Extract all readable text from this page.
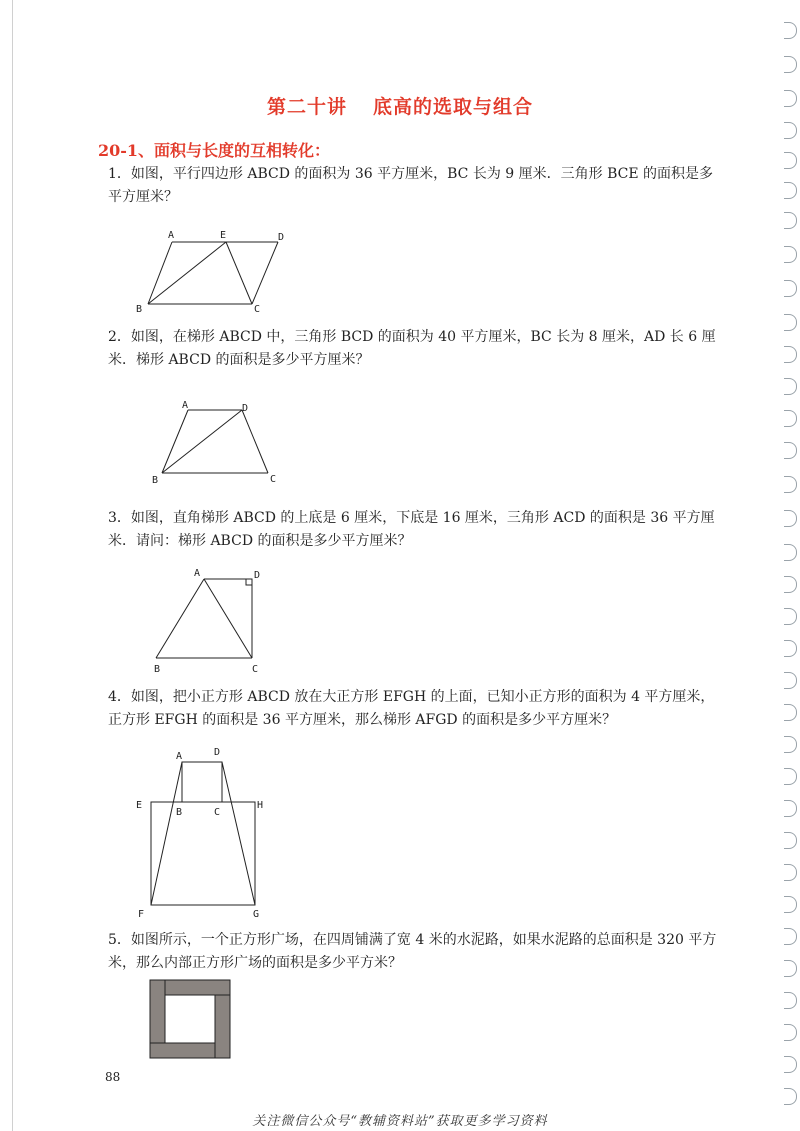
第二十讲 底高的选取与组合
20-1、面积与长度的互相转化：
1．如图，平行四边形 ABCD 的面积为 36 平方厘米，BC 长为 9 厘米．三角形 BCE 的面积是多平方厘米？
A	E	D
B	C
2．如图，在梯形 ABCD 中，三角形 BCD 的面积为 40 平方厘米，BC 长为 8 厘米，AD 长 6 厘米．梯形 ABCD 的面积是多少平方厘米？
A	D
B	C
3．如图，直角梯形 ABCD 的上底是 6 厘米，下底是 16 厘米，三角形 ACD 的面积是 36 平方厘米．请问：梯形 ABCD 的面积是多少平方厘米？
A	D
B	C
4．如图，把小正方形 ABCD 放在大正方形 EFGH 的上面，已知小正方形的面积为 4 平方厘米，正方形 EFGH 的面积是 36 平方厘米，那么梯形 AFGD 的面积是多少平方厘米？
A	D
E
B	C
H
F	G
5．如图所示，一个正方形广场，在四周铺满了宽 4 米的水泥路，如果水泥路的总面积是 320 平方米，那么内部正方形广场的面积是多少平方米？
88
关注微信公众号“教辅资料站”获取更多学习资料
